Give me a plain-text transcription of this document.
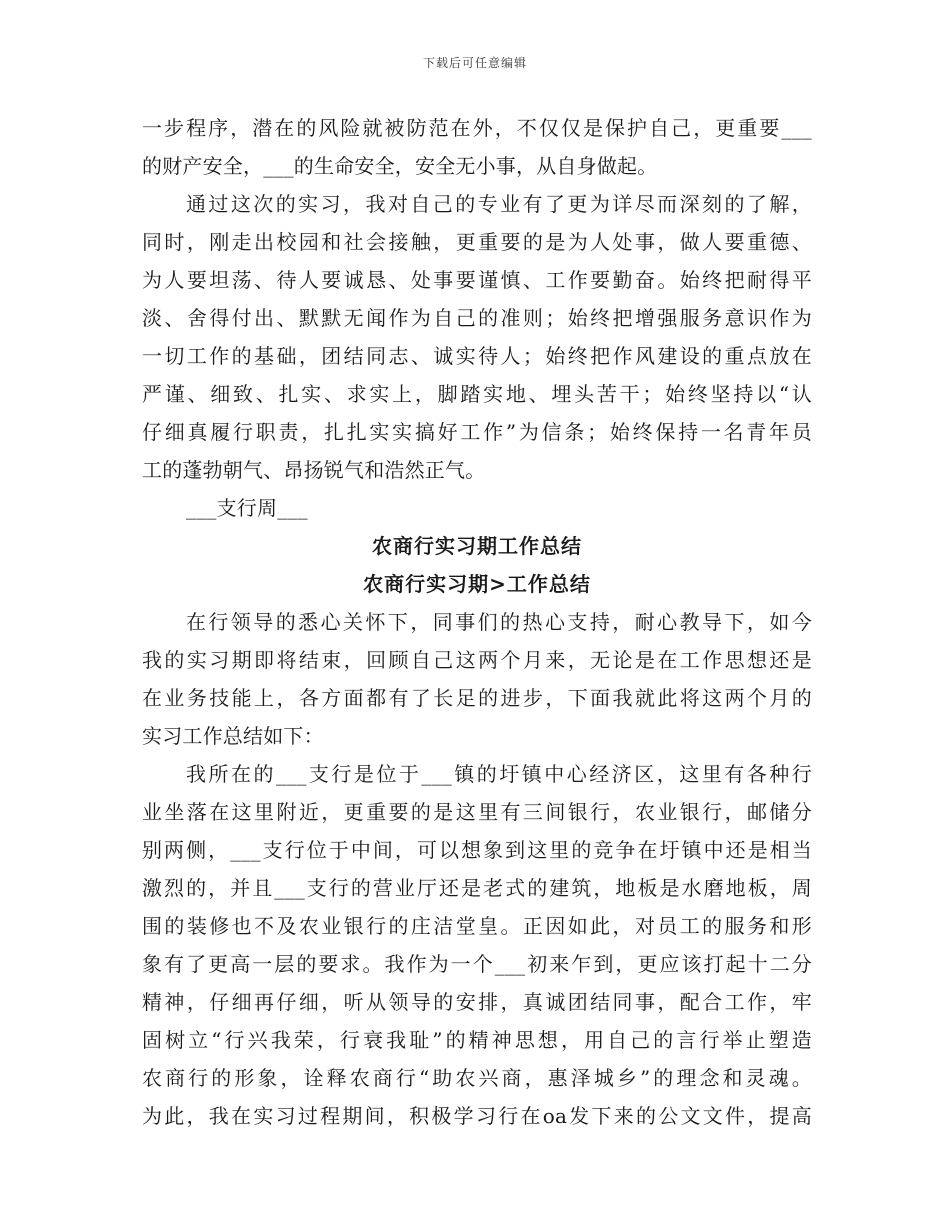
下载后可任意编辑
一步程序，潜在的风险就被防范在外，不仅仅是保护自己，更重要___
的财产安全，___的生命安全，安全无小事，从自身做起。
通过这次的实习，我对自己的专业有了更为详尽而深刻的了解，
同时，刚走出校园和社会接触，更重要的是为人处事，做人要重德、
为人要坦荡、待人要诚恳、处事要谨慎、工作要勤奋。始终把耐得平
淡、舍得付出、默默无闻作为自己的准则；始终把增强服务意识作为
一切工作的基础，团结同志、诚实待人；始终把作风建设的重点放在
严谨、细致、扎实、求实上，脚踏实地、埋头苦干；始终坚持以“认
仔细真履行职责，扎扎实实搞好工作”为信条；始终保持一名青年员
工的蓬勃朝气、昂扬锐气和浩然正气。
___支行周___
农商行实习期工作总结
农商行实习期>工作总结
在行领导的悉心关怀下，同事们的热心支持，耐心教导下，如今
我的实习期即将结束，回顾自己这两个月来，无论是在工作思想还是
在业务技能上，各方面都有了长足的进步，下面我就此将这两个月的
实习工作总结如下：
我所在的___支行是位于___镇的圩镇中心经济区，这里有各种行
业坐落在这里附近，更重要的是这里有三间银行，农业银行，邮储分
别两侧，___支行位于中间，可以想象到这里的竞争在圩镇中还是相当
激烈的，并且___支行的营业厅还是老式的建筑，地板是水磨地板，周
围的装修也不及农业银行的庄洁堂皇。正因如此，对员工的服务和形
象有了更高一层的要求。我作为一个___初来乍到，更应该打起十二分
精神，仔细再仔细，听从领导的安排，真诚团结同事，配合工作，牢
固树立“行兴我荣，行衰我耻”的精神思想，用自己的言行举止塑造
农商行的形象，诠释农商行“助农兴商，惠泽城乡”的理念和灵魂。
为此，我在实习过程期间，积极学习行在oa发下来的公文文件，提高
